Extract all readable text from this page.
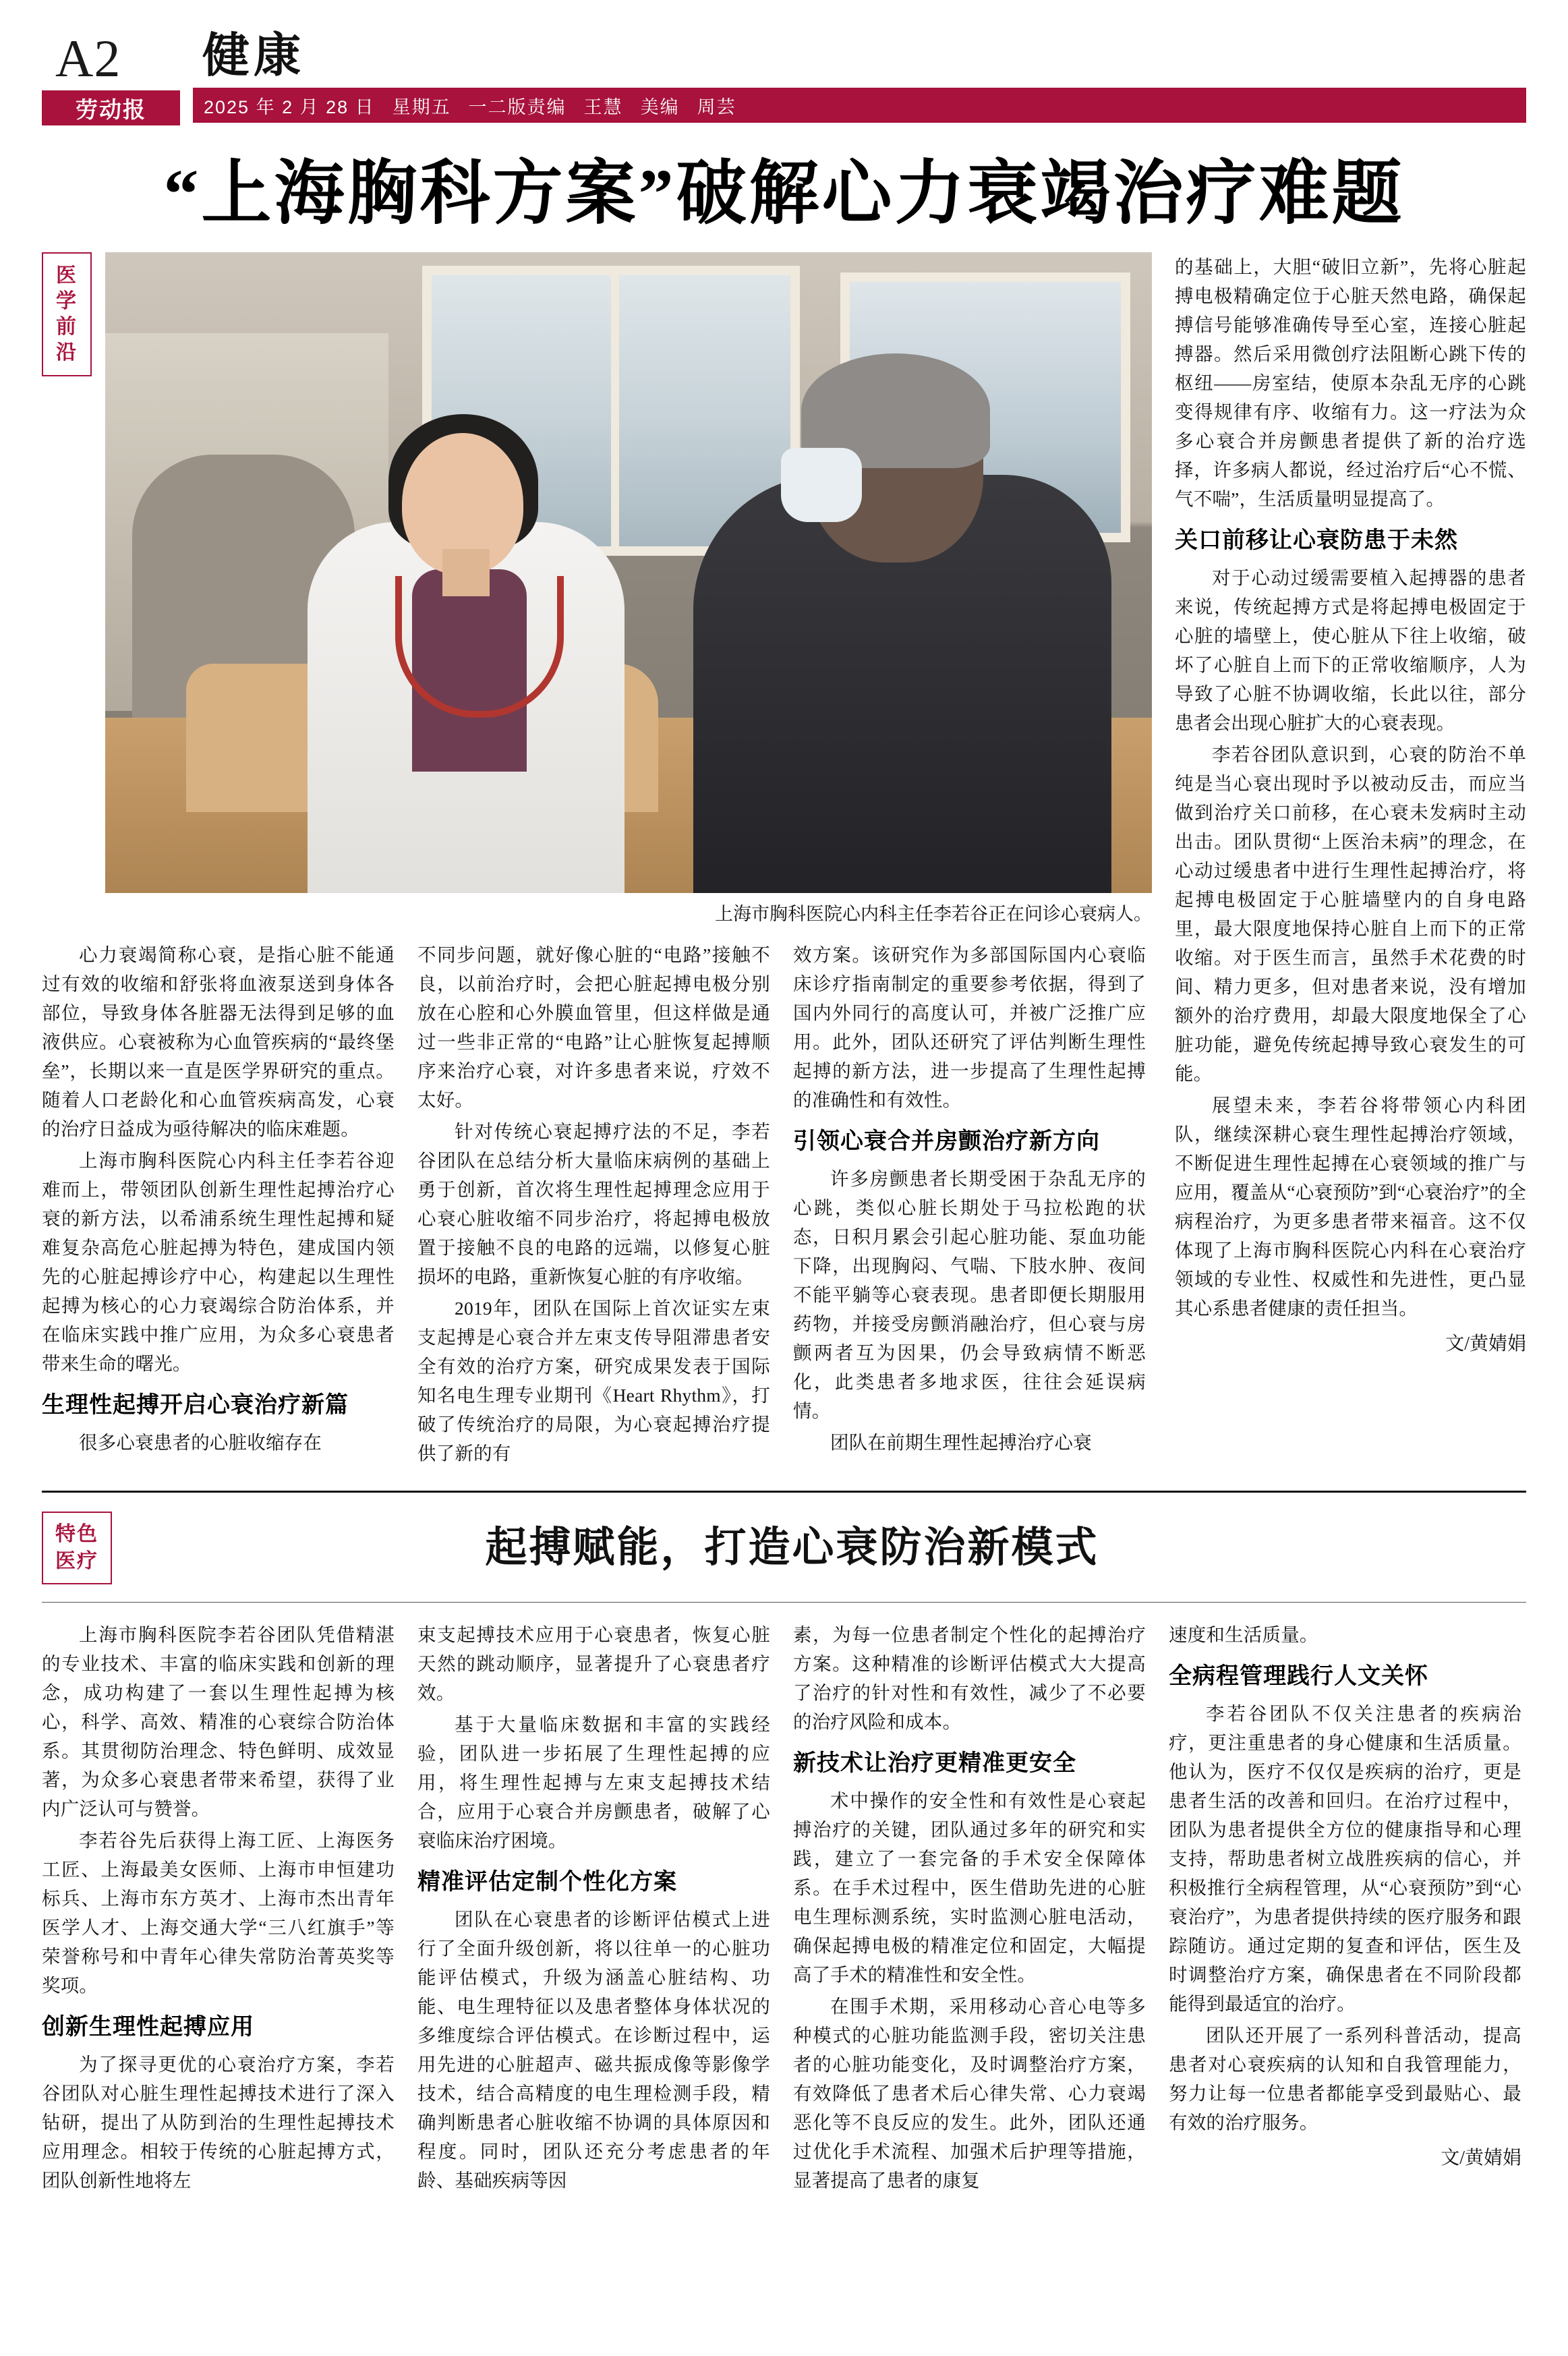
A2
劳动报
健康
2025 年 2 月 28 日 星期五 一二版责编 王慧 美编 周芸
“上海胸科方案”破解心力衰竭治疗难题
医学前沿
上海市胸科医院心内科主任李若谷正在问诊心衰病人。

心力衰竭简称心衰，是指心脏不能通过有效的收缩和舒张将血液泵送到身体各部位，导致身体各脏器无法得到足够的血液供应。心衰被称为心血管疾病的“最终堡垒”，长期以来一直是医学界研究的重点。随着人口老龄化和心血管疾病高发，心衰的治疗日益成为亟待解决的临床难题。

上海市胸科医院心内科主任李若谷迎难而上，带领团队创新生理性起搏治疗心衰的新方法，以希浦系统生理性起搏和疑难复杂高危心脏起搏为特色，建成国内领先的心脏起搏诊疗中心，构建起以生理性起搏为核心的心力衰竭综合防治体系，并在临床实践中推广应用，为众多心衰患者带来生命的曙光。

生理性起搏开启心衰治疗新篇

很多心衰患者的心脏收缩存在

不同步问题，就好像心脏的“电路”接触不良，以前治疗时，会把心脏起搏电极分别放在心腔和心外膜血管里，但这样做是通过一些非正常的“电路”让心脏恢复起搏顺序来治疗心衰，对许多患者来说，疗效不太好。

针对传统心衰起搏疗法的不足，李若谷团队在总结分析大量临床病例的基础上勇于创新，首次将生理性起搏理念应用于心衰心脏收缩不同步治疗，将起搏电极放置于接触不良的电路的远端，以修复心脏损坏的电路，重新恢复心脏的有序收缩。

2019年，团队在国际上首次证实左束支起搏是心衰合并左束支传导阻滞患者安全有效的治疗方案，研究成果发表于国际知名电生理专业期刊《Heart Rhythm》，打破了传统治疗的局限，为心衰起搏治疗提供了新的有

效方案。该研究作为多部国际国内心衰临床诊疗指南制定的重要参考依据，得到了国内外同行的高度认可，并被广泛推广应用。此外，团队还研究了评估判断生理性起搏的新方法，进一步提高了生理性起搏的准确性和有效性。

引领心衰合并房颤治疗新方向

许多房颤患者长期受困于杂乱无序的心跳，类似心脏长期处于马拉松跑的状态，日积月累会引起心脏功能、泵血功能下降，出现胸闷、气喘、下肢水肿、夜间不能平躺等心衰表现。患者即便长期服用药物，并接受房颤消融治疗，但心衰与房颤两者互为因果，仍会导致病情不断恶化，此类患者多地求医，往往会延误病情。

团队在前期生理性起搏治疗心衰

的基础上，大胆“破旧立新”，先将心脏起搏电极精确定位于心脏天然电路，确保起搏信号能够准确传导至心室，连接心脏起搏器。然后采用微创疗法阻断心跳下传的枢纽——房室结，使原本杂乱无序的心跳变得规律有序、收缩有力。这一疗法为众多心衰合并房颤患者提供了新的治疗选择，许多病人都说，经过治疗后“心不慌、气不喘”，生活质量明显提高了。

关口前移让心衰防患于未然

对于心动过缓需要植入起搏器的患者来说，传统起搏方式是将起搏电极固定于心脏的墙壁上，使心脏从下往上收缩，破坏了心脏自上而下的正常收缩顺序，人为导致了心脏不协调收缩，长此以往，部分患者会出现心脏扩大的心衰表现。

李若谷团队意识到，心衰的防治不单纯是当心衰出现时予以被动反击，而应当做到治疗关口前移，在心衰未发病时主动出击。团队贯彻“上医治未病”的理念，在心动过缓患者中进行生理性起搏治疗，将起搏电极固定于心脏墙壁内的自身电路里，最大限度地保持心脏自上而下的正常收缩。对于医生而言，虽然手术花费的时间、精力更多，但对患者来说，没有增加额外的治疗费用，却最大限度地保全了心脏功能，避免传统起搏导致心衰发生的可能。

展望未来，李若谷将带领心内科团队，继续深耕心衰生理性起搏治疗领域，不断促进生理性起搏在心衰领域的推广与应用，覆盖从“心衰预防”到“心衰治疗”的全病程治疗，为更多患者带来福音。这不仅体现了上海市胸科医院心内科在心衰治疗领域的专业性、权威性和先进性，更凸显其心系患者健康的责任担当。

文/黄婧娟
特色医疗	起搏赋能，打造心衰防治新模式

上海市胸科医院李若谷团队凭借精湛的专业技术、丰富的临床实践和创新的理念，成功构建了一套以生理性起搏为核心，科学、高效、精准的心衰综合防治体系。其贯彻防治理念、特色鲜明、成效显著，为众多心衰患者带来希望，获得了业内广泛认可与赞誉。

李若谷先后获得上海工匠、上海医务工匠、上海最美女医师、上海市申恒建功标兵、上海市东方英才、上海市杰出青年医学人才、上海交通大学“三八红旗手”等荣誉称号和中青年心律失常防治菁英奖等奖项。

创新生理性起搏应用

为了探寻更优的心衰治疗方案，李若谷团队对心脏生理性起搏技术进行了深入钻研，提出了从防到治的生理性起搏技术应用理念。相较于传统的心脏起搏方式，团队创新性地将左

束支起搏技术应用于心衰患者，恢复心脏天然的跳动顺序，显著提升了心衰患者疗效。

基于大量临床数据和丰富的实践经验，团队进一步拓展了生理性起搏的应用，将生理性起搏与左束支起搏技术结合，应用于心衰合并房颤患者，破解了心衰临床治疗困境。

精准评估定制个性化方案

团队在心衰患者的诊断评估模式上进行了全面升级创新，将以往单一的心脏功能评估模式，升级为涵盖心脏结构、功能、电生理特征以及患者整体身体状况的多维度综合评估模式。在诊断过程中，运用先进的心脏超声、磁共振成像等影像学技术，结合高精度的电生理检测手段，精确判断患者心脏收缩不协调的具体原因和程度。同时，团队还充分考虑患者的年龄、基础疾病等因

素，为每一位患者制定个性化的起搏治疗方案。这种精准的诊断评估模式大大提高了治疗的针对性和有效性，减少了不必要的治疗风险和成本。

新技术让治疗更精准更安全

术中操作的安全性和有效性是心衰起搏治疗的关键，团队通过多年的研究和实践，建立了一套完备的手术安全保障体系。在手术过程中，医生借助先进的心脏电生理标测系统，实时监测心脏电活动，确保起搏电极的精准定位和固定，大幅提高了手术的精准性和安全性。

在围手术期，采用移动心音心电等多种模式的心脏功能监测手段，密切关注患者的心脏功能变化，及时调整治疗方案，有效降低了患者术后心律失常、心力衰竭恶化等不良反应的发生。此外，团队还通过优化手术流程、加强术后护理等措施，显著提高了患者的康复

速度和生活质量。

全病程管理践行人文关怀

李若谷团队不仅关注患者的疾病治疗，更注重患者的身心健康和生活质量。他认为，医疗不仅仅是疾病的治疗，更是患者生活的改善和回归。在治疗过程中，团队为患者提供全方位的健康指导和心理支持，帮助患者树立战胜疾病的信心，并积极推行全病程管理，从“心衰预防”到“心衰治疗”，为患者提供持续的医疗服务和跟踪随访。通过定期的复查和评估，医生及时调整治疗方案，确保患者在不同阶段都能得到最适宜的治疗。

团队还开展了一系列科普活动，提高患者对心衰疾病的认知和自我管理能力，努力让每一位患者都能享受到最贴心、最有效的治疗服务。

文/黄婧娟
